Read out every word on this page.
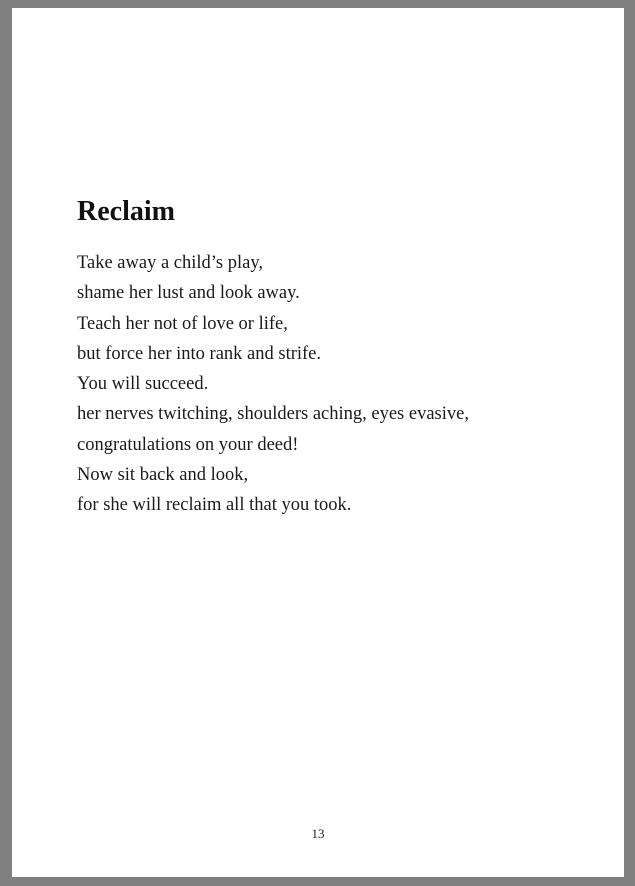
Reclaim
Take away a child’s play,
shame her lust and look away.
Teach her not of love or life,
but force her into rank and strife.
You will succeed.
her nerves twitching, shoulders aching, eyes evasive,
congratulations on your deed!
Now sit back and look,
for she will reclaim all that you took.
13
